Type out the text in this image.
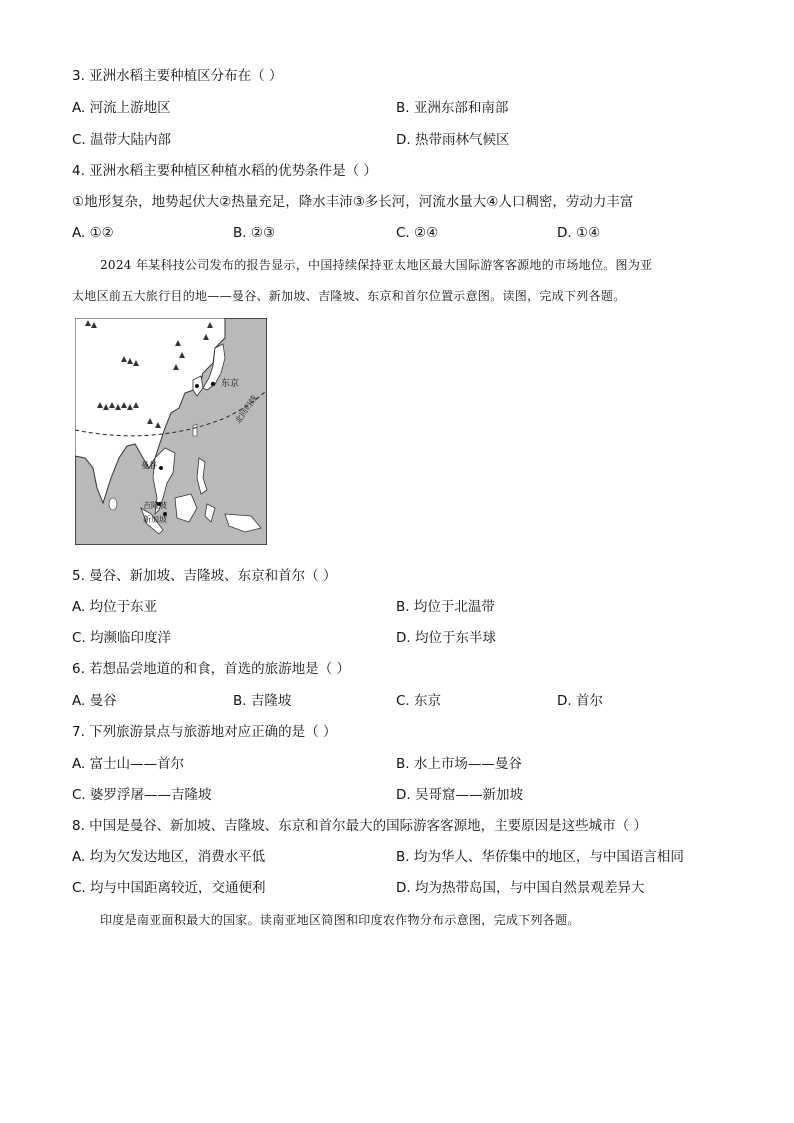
3. 亚洲水稻主要种植区分布在（ ）
A. 河流上游地区	B. 亚洲东部和南部
C. 温带大陆内部	D. 热带雨林气候区
4. 亚洲水稻主要种植区种植水稻的优势条件是（ ）
①地形复杂，地势起伏大②热量充足，降水丰沛③多长河，河流水量大④人口稠密，劳动力丰富
A. ①②	B. ②③	C. ②④	D. ①④
2024 年某科技公司发布的报告显示，中国持续保持亚太地区最大国际游客客源地的市场地位。图为亚
太地区前五大旅行目的地——曼谷、新加坡、吉隆坡、东京和首尔位置示意图。读图，完成下列各题。
东京
北回归线
曼谷
吉隆坡
新加坡
5. 曼谷、新加坡、吉隆坡、东京和首尔（ ）
A. 均位于东亚	B. 均位于北温带
C. 均濒临印度洋	D. 均位于东半球
6. 若想品尝地道的和食，首选的旅游地是（ ）
A. 曼谷	B. 吉隆坡	C. 东京	D. 首尔
7. 下列旅游景点与旅游地对应正确的是（ ）
A. 富士山——首尔	B. 水上市场——曼谷
C. 婆罗浮屠——吉隆坡	D. 吴哥窟——新加坡
8. 中国是曼谷、新加坡、吉隆坡、东京和首尔最大的国际游客客源地，主要原因是这些城市（ ）
A. 均为欠发达地区，消费水平低	B. 均为华人、华侨集中的地区，与中国语言相同
C. 均与中国距离较近，交通便利	D. 均为热带岛国，与中国自然景观差异大
印度是南亚面积最大的国家。读南亚地区简图和印度农作物分布示意图，完成下列各题。
